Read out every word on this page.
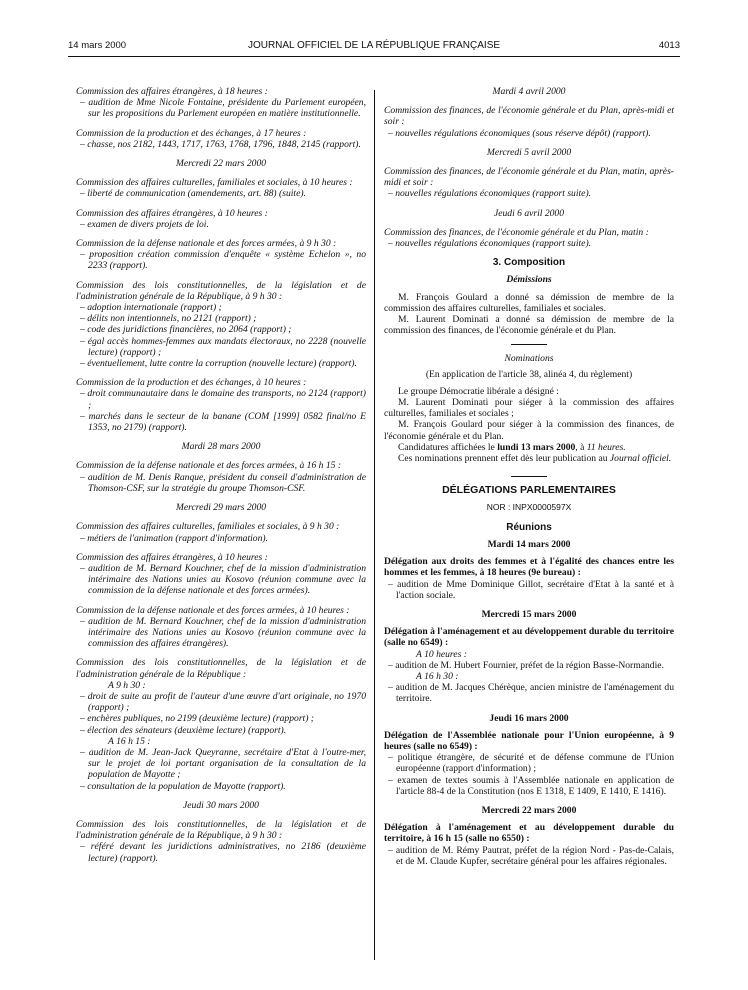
14 mars 2000	JOURNAL OFFICIEL DE LA RÉPUBLIQUE FRANÇAISE	4013
Commission des affaires étrangères, à 18 heures :
– audition de Mme Nicole Fontaine, présidente du Parlement européen, sur les propositions du Parlement européen en matière institutionnelle.
Commission de la production et des échanges, à 17 heures :
– chasse, nos 2182, 1443, 1717, 1763, 1768, 1796, 1848, 2145 (rapport).
Mercredi 22 mars 2000
Commission des affaires culturelles, familiales et sociales, à 10 heures :
– liberté de communication (amendements, art. 88) (suite).
Commission des affaires étrangères, à 10 heures :
– examen de divers projets de loi.
Commission de la défense nationale et des forces armées, à 9 h 30 :
– proposition création commission d'enquête « système Echelon », no 2233 (rapport).
Commission des lois constitutionnelles, de la législation et de l'administration générale de la République, à 9 h 30 :
– adoption internationale (rapport) ;
– délits non intentionnels, no 2121 (rapport) ;
– code des juridictions financières, no 2064 (rapport) ;
– égal accès hommes-femmes aux mandats électoraux, no 2228 (nouvelle lecture) (rapport) ;
– éventuellement, lutte contre la corruption (nouvelle lecture) (rapport).
Commission de la production et des échanges, à 10 heures :
– droit communautaire dans le domaine des transports, no 2124 (rapport) ;
– marchés dans le secteur de la banane (COM [1999] 0582 final/no E 1353, no 2179) (rapport).
Mardi 28 mars 2000
Commission de la défense nationale et des forces armées, à 16 h 15 :
– audition de M. Denis Ranque, président du conseil d'administration de Thomson-CSF, sur la stratégie du groupe Thomson-CSF.
Mercredi 29 mars 2000
Commission des affaires culturelles, familiales et sociales, à 9 h 30 :
– métiers de l'animation (rapport d'information).
Commission des affaires étrangères, à 10 heures :
– audition de M. Bernard Kouchner, chef de la mission d'administration intérimaire des Nations unies au Kosovo (réunion commune avec la commission de la défense nationale et des forces armées).
Commission de la défense nationale et des forces armées, à 10 heures :
– audition de M. Bernard Kouchner, chef de la mission d'administration intérimaire des Nations unies au Kosovo (réunion commune avec la commission des affaires étrangères).
Commission des lois constitutionnelles, de la législation et de l'administration générale de la République :
A 9 h 30 :
– droit de suite au profit de l'auteur d'une œuvre d'art originale, no 1970 (rapport) ;
– enchères publiques, no 2199 (deuxième lecture) (rapport) ;
– élection des sénateurs (deuxième lecture) (rapport).
A 16 h 15 :
– audition de M. Jean-Jack Queyranne, secrétaire d'Etat à l'outre-mer, sur le projet de loi portant organisation de la consultation de la population de Mayotte ;
– consultation de la population de Mayotte (rapport).
Jeudi 30 mars 2000
Commission des lois constitutionnelles, de la législation et de l'administration générale de la République, à 9 h 30 :
– référé devant les juridictions administratives, no 2186 (deuxième lecture) (rapport).
Mardi 4 avril 2000
Commission des finances, de l'économie générale et du Plan, après-midi et soir :
– nouvelles régulations économiques (sous réserve dépôt) (rapport).
Mercredi 5 avril 2000
Commission des finances, de l'économie générale et du Plan, matin, après-midi et soir :
– nouvelles régulations économiques (rapport suite).
Jeudi 6 avril 2000
Commission des finances, de l'économie générale et du Plan, matin :
– nouvelles régulations économiques (rapport suite).
3. Composition
Démissions

M. François Goulard a donné sa démission de membre de la commission des affaires culturelles, familiales et sociales.

M. Laurent Dominati a donné sa démission de membre de la commission des finances, de l'économie générale et du Plan.

Nominations
(En application de l'article 38, alinéa 4, du règlement)

Le groupe Démocratie libérale a désigné :

M. Laurent Dominati pour siéger à la commission des affaires culturelles, familiales et sociales ;

M. François Goulard pour siéger à la commission des finances, de l'économie générale et du Plan.

Candidatures affichées le lundi 13 mars 2000, à 11 heures.

Ces nominations prennent effet dès leur publication au Journal officiel.

DÉLÉGATIONS PARLEMENTAIRES
NOR : INPX0000597X
Réunions
Mardi 14 mars 2000
Délégation aux droits des femmes et à l'égalité des chances entre les hommes et les femmes, à 18 heures (9e bureau) :
– audition de Mme Dominique Gillot, secrétaire d'Etat à la santé et à l'action sociale.
Mercredi 15 mars 2000
Délégation à l'aménagement et au développement durable du territoire (salle no 6549) :
A 10 heures :
– audition de M. Hubert Fournier, préfet de la région Basse-Normandie.
A 16 h 30 :
– audition de M. Jacques Chérèque, ancien ministre de l'aménagement du territoire.
Jeudi 16 mars 2000
Délégation de l'Assemblée nationale pour l'Union européenne, à 9 heures (salle no 6549) :
– politique étrangère, de sécurité et de défense commune de l'Union européenne (rapport d'information) ;
– examen de textes soumis à l'Assemblée nationale en application de l'article 88-4 de la Constitution (nos E 1318, E 1409, E 1410, E 1416).
Mercredi 22 mars 2000
Délégation à l'aménagement et au développement durable du territoire, à 16 h 15 (salle no 6550) :
– audition de M. Rémy Pautrat, préfet de la région Nord - Pas-de-Calais, et de M. Claude Kupfer, secrétaire général pour les affaires régionales.
